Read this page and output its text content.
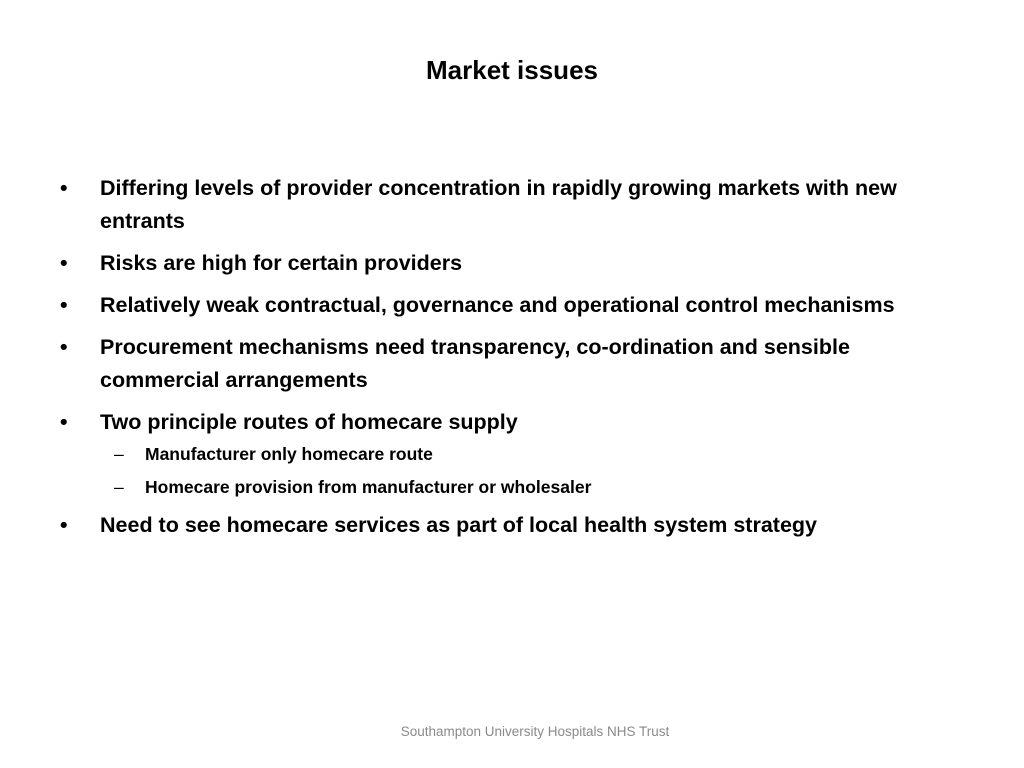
Market issues
•	Differing levels of provider concentration in rapidly growing markets with new entrants
•	Risks are high for certain providers
•	Relatively weak contractual, governance and operational control mechanisms
•	Procurement mechanisms need transparency, co-ordination and sensible commercial arrangements
•	Two principle routes of homecare supply
–	Manufacturer only homecare route
–	Homecare provision from manufacturer or wholesaler
•	Need to see homecare services as part of local health system strategy
Southampton University Hospitals NHS Trust
